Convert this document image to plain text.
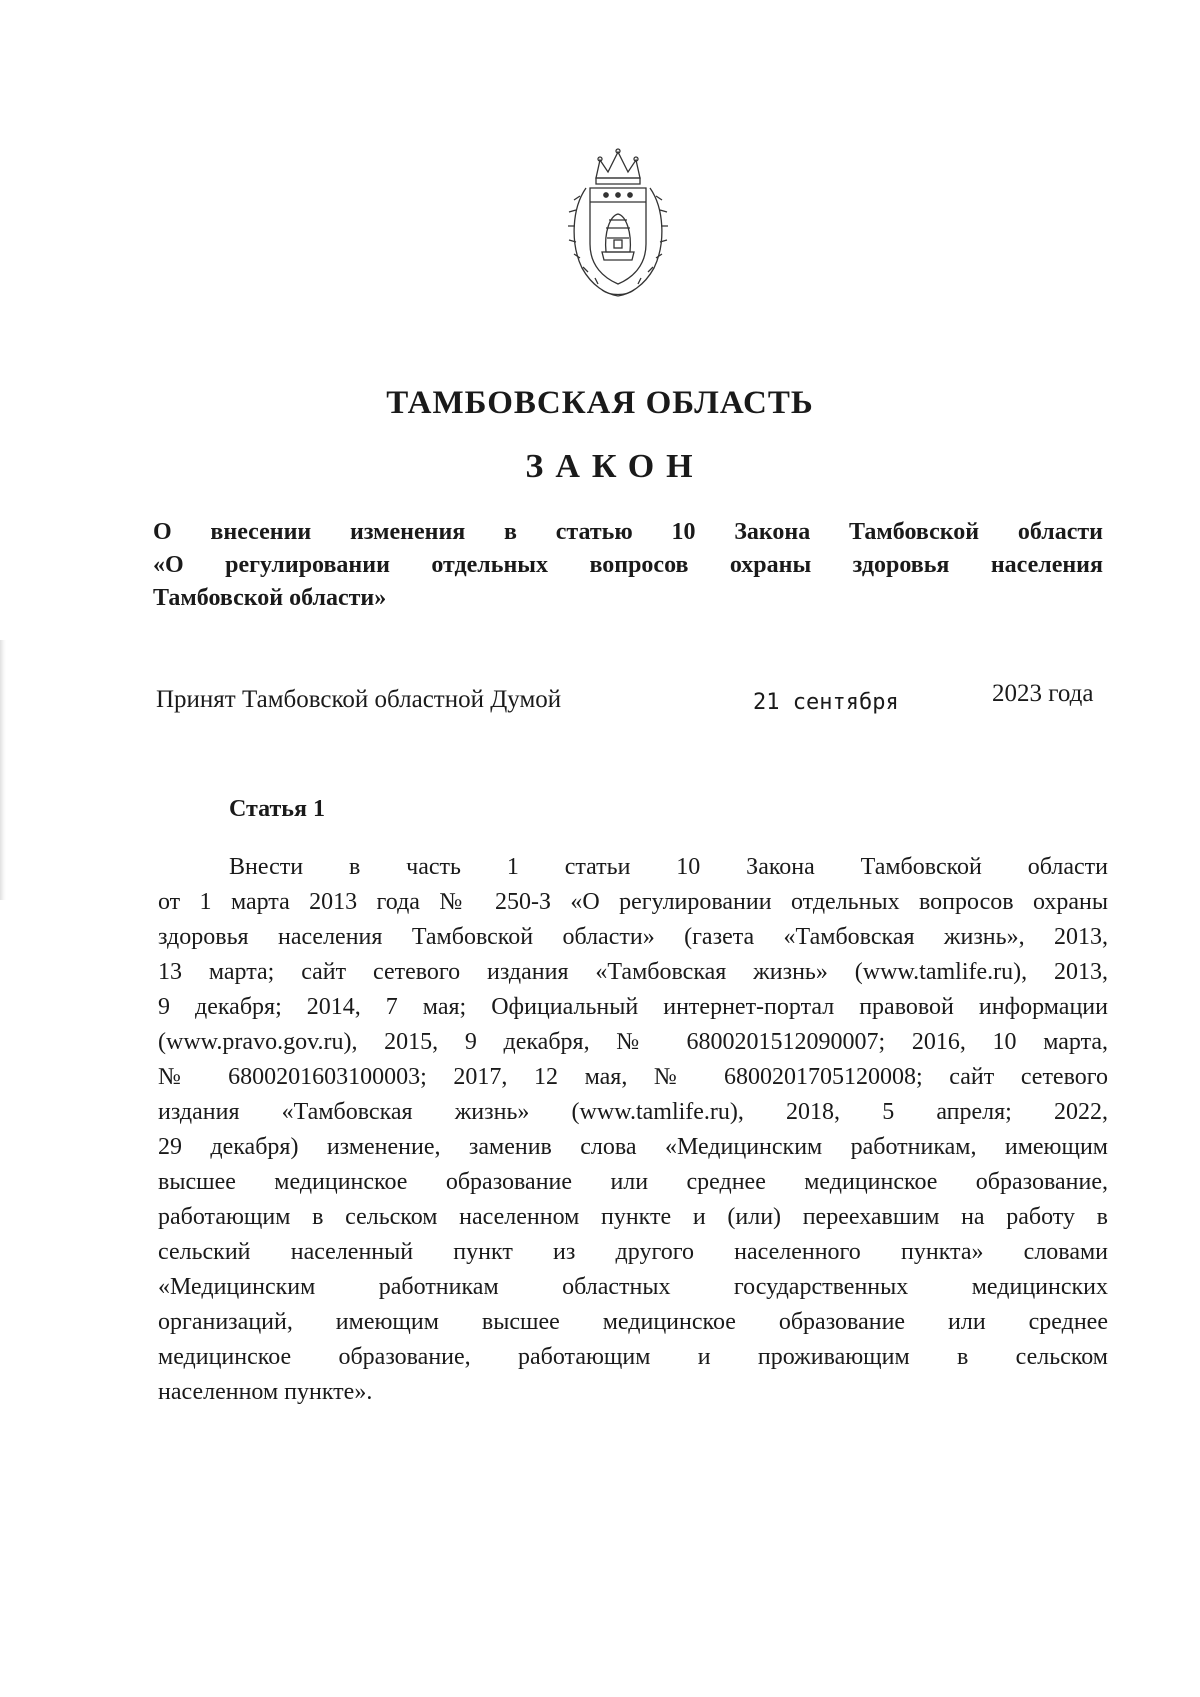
ТАМБОВСКАЯ ОБЛАСТЬ
ЗАКОН
О внесении изменения в статью 10 Закона Тамбовской области
«О регулировании отдельных вопросов охраны здоровья населения
Тамбовской области»
Принят Тамбовской областной Думой	21 сентября	2023 года
Статья 1
Внести в часть 1 статьи 10 Закона Тамбовской области
от 1 марта 2013 года № 250-З «О регулировании отдельных вопросов охраны
здоровья населения Тамбовской области» (газета «Тамбовская жизнь», 2013,
13 марта; сайт сетевого издания «Тамбовская жизнь» (www.tamlife.ru), 2013,
9 декабря; 2014, 7 мая; Официальный интернет-портал правовой информации
(www.pravo.gov.ru), 2015, 9 декабря, № 6800201512090007; 2016, 10 марта,
№ 6800201603100003; 2017, 12 мая, № 6800201705120008; сайт сетевого
издания «Тамбовская жизнь» (www.tamlife.ru), 2018, 5 апреля; 2022,
29 декабря) изменение, заменив слова «Медицинским работникам, имеющим
высшее медицинское образование или среднее медицинское образование,
работающим в сельском населенном пункте и (или) переехавшим на работу в
сельский населенный пункт из другого населенного пункта» словами
«Медицинским работникам областных государственных медицинских
организаций, имеющим высшее медицинское образование или среднее
медицинское образование, работающим и проживающим в сельском
населенном пункте».
